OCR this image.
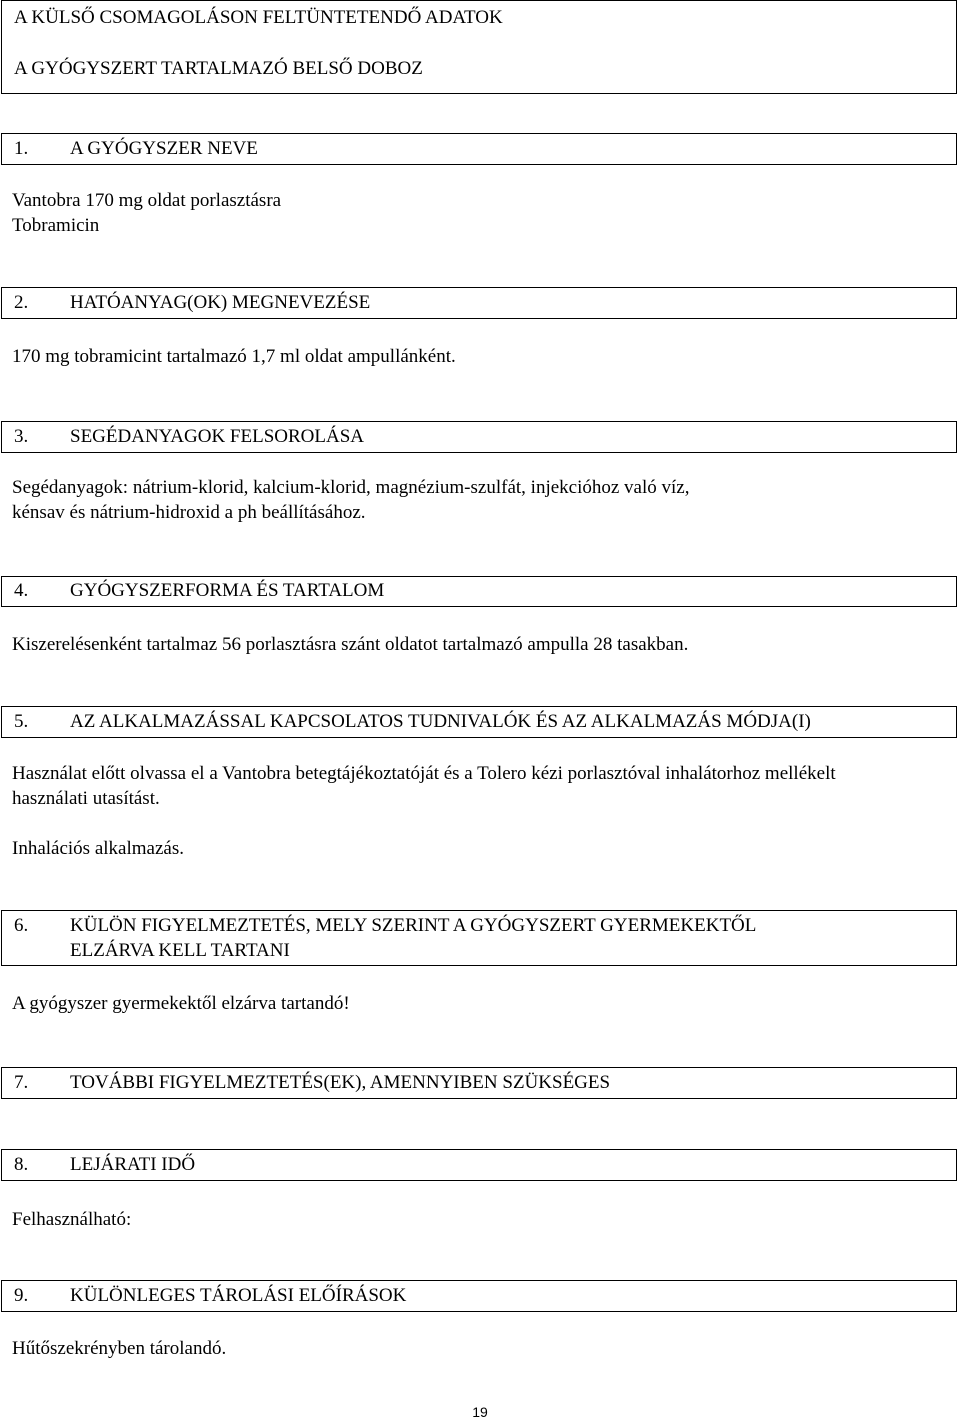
A KÜLSŐ CSOMAGOLÁSON FELTÜNTETENDŐ ADATOK
A GYÓGYSZERT TARTALMAZÓ BELSŐ DOBOZ
1. A GYÓGYSZER NEVE
Vantobra 170 mg oldat porlasztásra
Tobramicin
2. HATÓANYAG(OK) MEGNEVEZÉSE
170 mg tobramicint tartalmazó 1,7 ml oldat ampullánként.
3. SEGÉDANYAGOK FELSOROLÁSA
Segédanyagok: nátrium-klorid, kalcium-klorid, magnézium-szulfát, injekcióhoz való víz,
kénsav és nátrium-hidroxid a ph beállításához.
4. GYÓGYSZERFORMA ÉS TARTALOM
Kiszerelésenként tartalmaz 56 porlasztásra szánt oldatot tartalmazó ampulla 28 tasakban.
5. AZ ALKALMAZÁSSAL KAPCSOLATOS TUDNIVALÓK ÉS AZ ALKALMAZÁS MÓDJA(I)
Használat előtt olvassa el a Vantobra betegtájékoztatóját és a Tolero kézi porlasztóval inhalátorhoz mellékelt
használati utasítást.
Inhalációs alkalmazás.
6. KÜLÖN FIGYELMEZTETÉS, MELY SZERINT A GYÓGYSZERT GYERMEKEKTŐL
ELZÁRVA KELL TARTANI
A gyógyszer gyermekektől elzárva tartandó!
7. TOVÁBBI FIGYELMEZTETÉS(EK), AMENNYIBEN SZÜKSÉGES
8. LEJÁRATI IDŐ
Felhasználható:
9. KÜLÖNLEGES TÁROLÁSI ELŐÍRÁSOK
Hűtőszekrényben tárolandó.
19
